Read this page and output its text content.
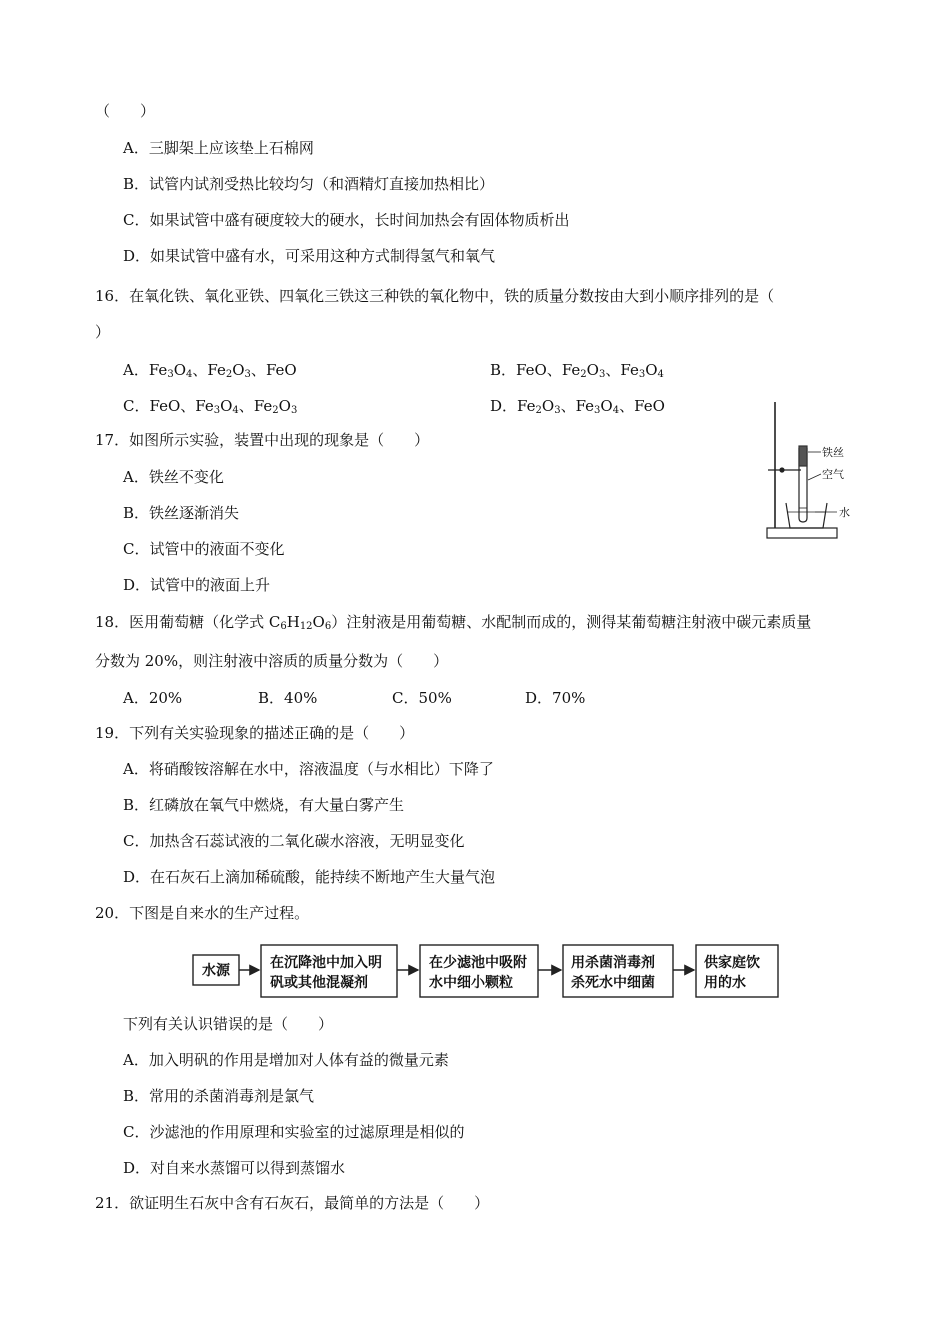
（　　）
A．三脚架上应该垫上石棉网
B．试管内试剂受热比较均匀（和酒精灯直接加热相比）
C．如果试管中盛有硬度较大的硬水，长时间加热会有固体物质析出
D．如果试管中盛有水，可采用这种方式制得氢气和氧气
16．在氧化铁、氧化亚铁、四氧化三铁这三种铁的氧化物中，铁的质量分数按由大到小顺序排列的是（
）
A．$Fe_3O_4$、$Fe_2O_3$、FeO	B．FeO、$Fe_2O_3$、$Fe_3O_4$
C．FeO、$Fe_3O_4$、$Fe_2O_3$	D．$Fe_2O_3$、$Fe_3O_4$、FeO
17．如图所示实验，装置中出现的现象是（　　）
A．铁丝不变化
B．铁丝逐渐消失
C．试管中的液面不变化
D．试管中的液面上升
铁丝
空气
水
18．医用葡萄糖（化学式 $C_6H_{12}O_6$）注射液是用葡萄糖、水配制而成的，测得某葡萄糖注射液中碳元素质量
分数为 20%，则注射液中溶质的质量分数为（　　）
A．20%	B．40%	C．50%	D．70%
19．下列有关实验现象的描述正确的是（　　）
A．将硝酸铵溶解在水中，溶液温度（与水相比）下降了
B．红磷放在氧气中燃烧，有大量白雾产生
C．加热含石蕊试液的二氧化碳水溶液，无明显变化
D．在石灰石上滴加稀硫酸，能持续不断地产生大量气泡
20．下图是自来水的生产过程。
水源	在沉降池中加入明
矾或其他混凝剂
在少滤池中吸附
水中细小颗粒
用杀菌消毒剂
杀死水中细菌
供家庭饮
用的水
下列有关认识错误的是（　　）
A．加入明矾的作用是增加对人体有益的微量元素
B．常用的杀菌消毒剂是氯气
C．沙滤池的作用原理和实验室的过滤原理是相似的
D．对自来水蒸馏可以得到蒸馏水
21．欲证明生石灰中含有石灰石，最简单的方法是（　　）
